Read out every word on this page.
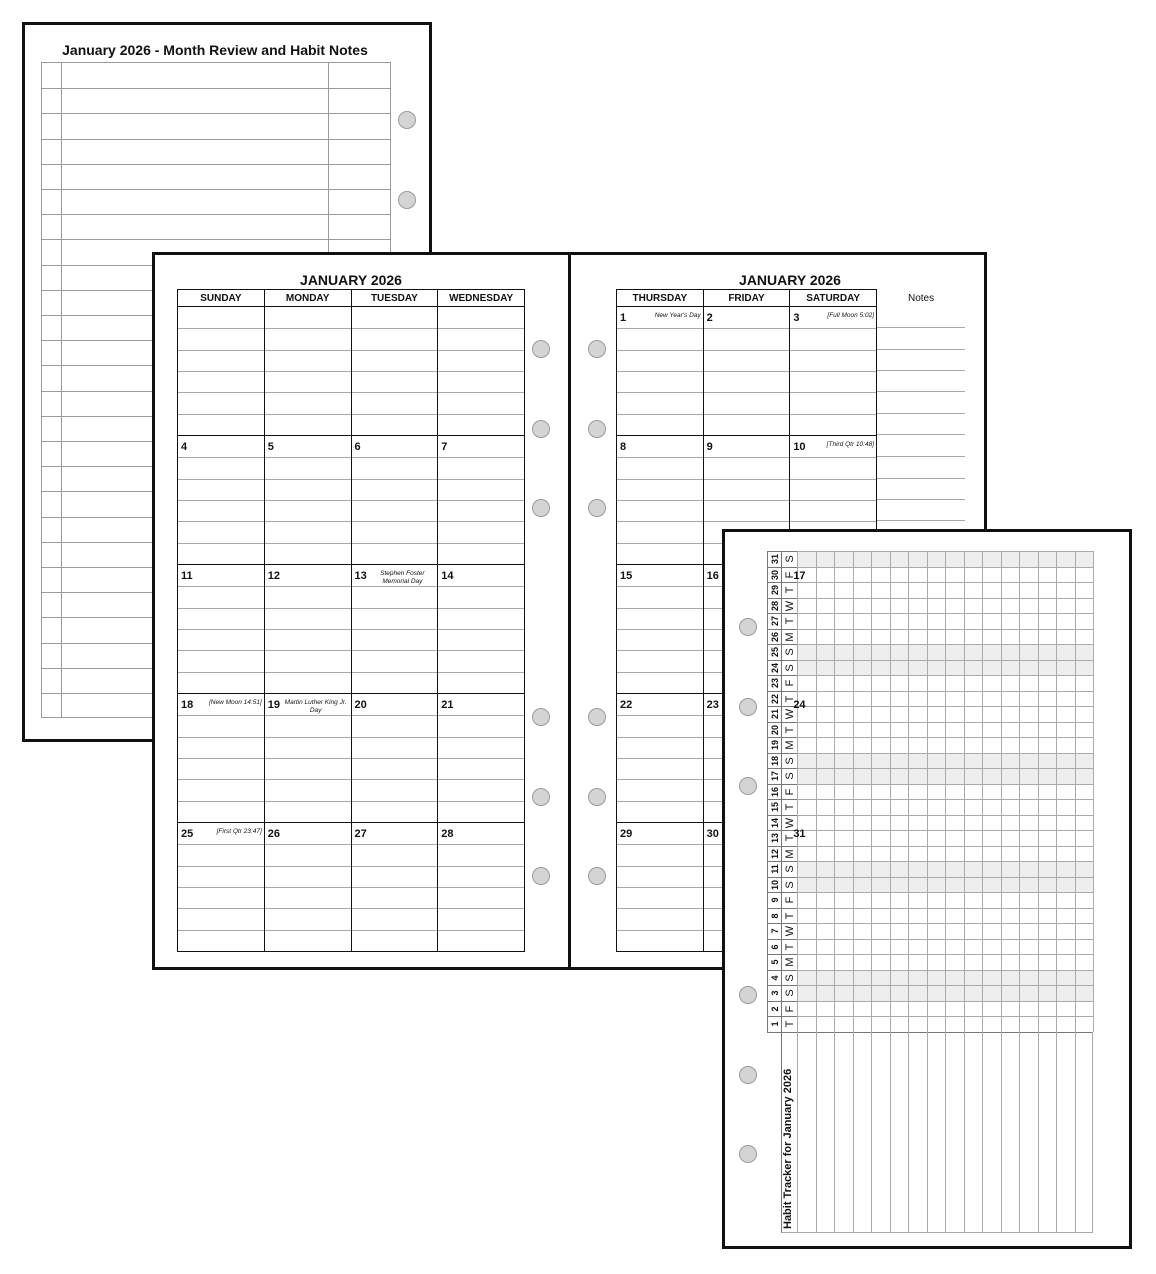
January 2026 - Month Review and Habit Notes
JANUARY 2026
SUNDAY	MONDAY	TUESDAY	WEDNESDAY

4	5	6	7

11	12	13 Stephen Foster Memorial Day	14

18 [New Moon 14:51]	19 Martin Luther King Jr. Day	20	21

25 [First Qtr 23:47]	26	27	28
JANUARY 2026
THURSDAY	FRIDAY	SATURDAY

1 New Year's Day	2	3 [Full Moon 5:02]

8	9	10 [Third Qtr 10:48]

15	16	17

22	23	24

29	30	31
Notes
31 S
30 F
29 T
28 W
27 T
26 M
25 S
24 S
23 F
22 T
21 W
20 T
19 M
18 S
17 S
16 F
15 T
14 W
13 T
12 M
11 S
10 S
9 F
8 T
7 W
6 T
5 M
4 S
3 S
2 F
1 T
Habit Tracker for January 2026
